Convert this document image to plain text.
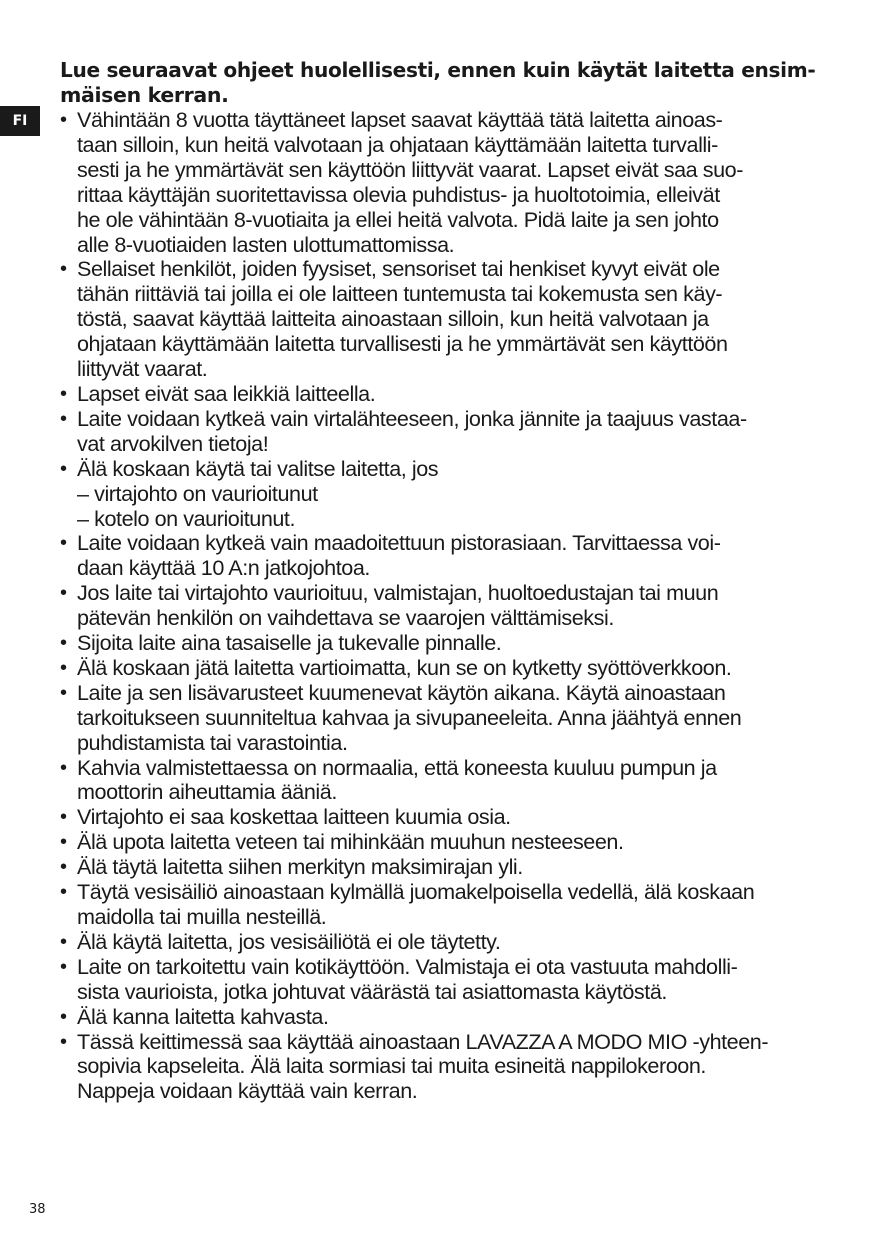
FI
Lue seuraavat ohjeet huolellisesti, ennen kuin käytät laitetta ensim-
mäisen kerran.
• Vähintään 8 vuotta täyttäneet lapset saavat käyttää tätä laitetta ainoas-
taan silloin, kun heitä valvotaan ja ohjataan käyttämään laitetta turvalli-
sesti ja he ymmärtävät sen käyttöön liittyvät vaarat. Lapset eivät saa suo-
rittaa käyttäjän suoritettavissa olevia puhdistus- ja huoltotoimia, elleivät
he ole vähintään 8-vuotiaita ja ellei heitä valvota. Pidä laite ja sen johto
alle 8-vuotiaiden lasten ulottumattomissa.
• Sellaiset henkilöt, joiden fyysiset, sensoriset tai henkiset kyvyt eivät ole
tähän riittäviä tai joilla ei ole laitteen tuntemusta tai kokemusta sen käy-
töstä, saavat käyttää laitteita ainoastaan silloin, kun heitä valvotaan ja
ohjataan käyttämään laitetta turvallisesti ja he ymmärtävät sen käyttöön
liittyvät vaarat.
• Lapset eivät saa leikkiä laitteella.
• Laite voidaan kytkeä vain virtalähteeseen, jonka jännite ja taajuus vastaa-
vat arvokilven tietoja!
• Älä koskaan käytä tai valitse laitetta, jos
– virtajohto on vaurioitunut
– kotelo on vaurioitunut.
• Laite voidaan kytkeä vain maadoitettuun pistorasiaan. Tarvittaessa voi-
daan käyttää 10 A:n jatkojohtoa.
• Jos laite tai virtajohto vaurioituu, valmistajan, huoltoedustajan tai muun
pätevän henkilön on vaihdettava se vaarojen välttämiseksi.
• Sijoita laite aina tasaiselle ja tukevalle pinnalle.
• Älä koskaan jätä laitetta vartioimatta, kun se on kytketty syöttöverkkoon.
• Laite ja sen lisävarusteet kuumenevat käytön aikana. Käytä ainoastaan
tarkoitukseen suunniteltua kahvaa ja sivupaneeleita. Anna jäähtyä ennen
puhdistamista tai varastointia.
• Kahvia valmistettaessa on normaalia, että koneesta kuuluu pumpun ja
moottorin aiheuttamia ääniä.
• Virtajohto ei saa koskettaa laitteen kuumia osia.
• Älä upota laitetta veteen tai mihinkään muuhun nesteeseen.
• Älä täytä laitetta siihen merkityn maksimirajan yli.
• Täytä vesisäiliö ainoastaan kylmällä juomakelpoisella vedellä, älä koskaan
maidolla tai muilla nesteillä.
• Älä käytä laitetta, jos vesisäiliötä ei ole täytetty.
• Laite on tarkoitettu vain kotikäyttöön. Valmistaja ei ota vastuuta mahdolli-
sista vaurioista, jotka johtuvat väärästä tai asiattomasta käytöstä.
• Älä kanna laitetta kahvasta.
• Tässä keittimessä saa käyttää ainoastaan LAVAZZA A MODO MIO -yhteen-
sopivia kapseleita. Älä laita sormiasi tai muita esineitä nappilokeroon.
Nappeja voidaan käyttää vain kerran.
38
